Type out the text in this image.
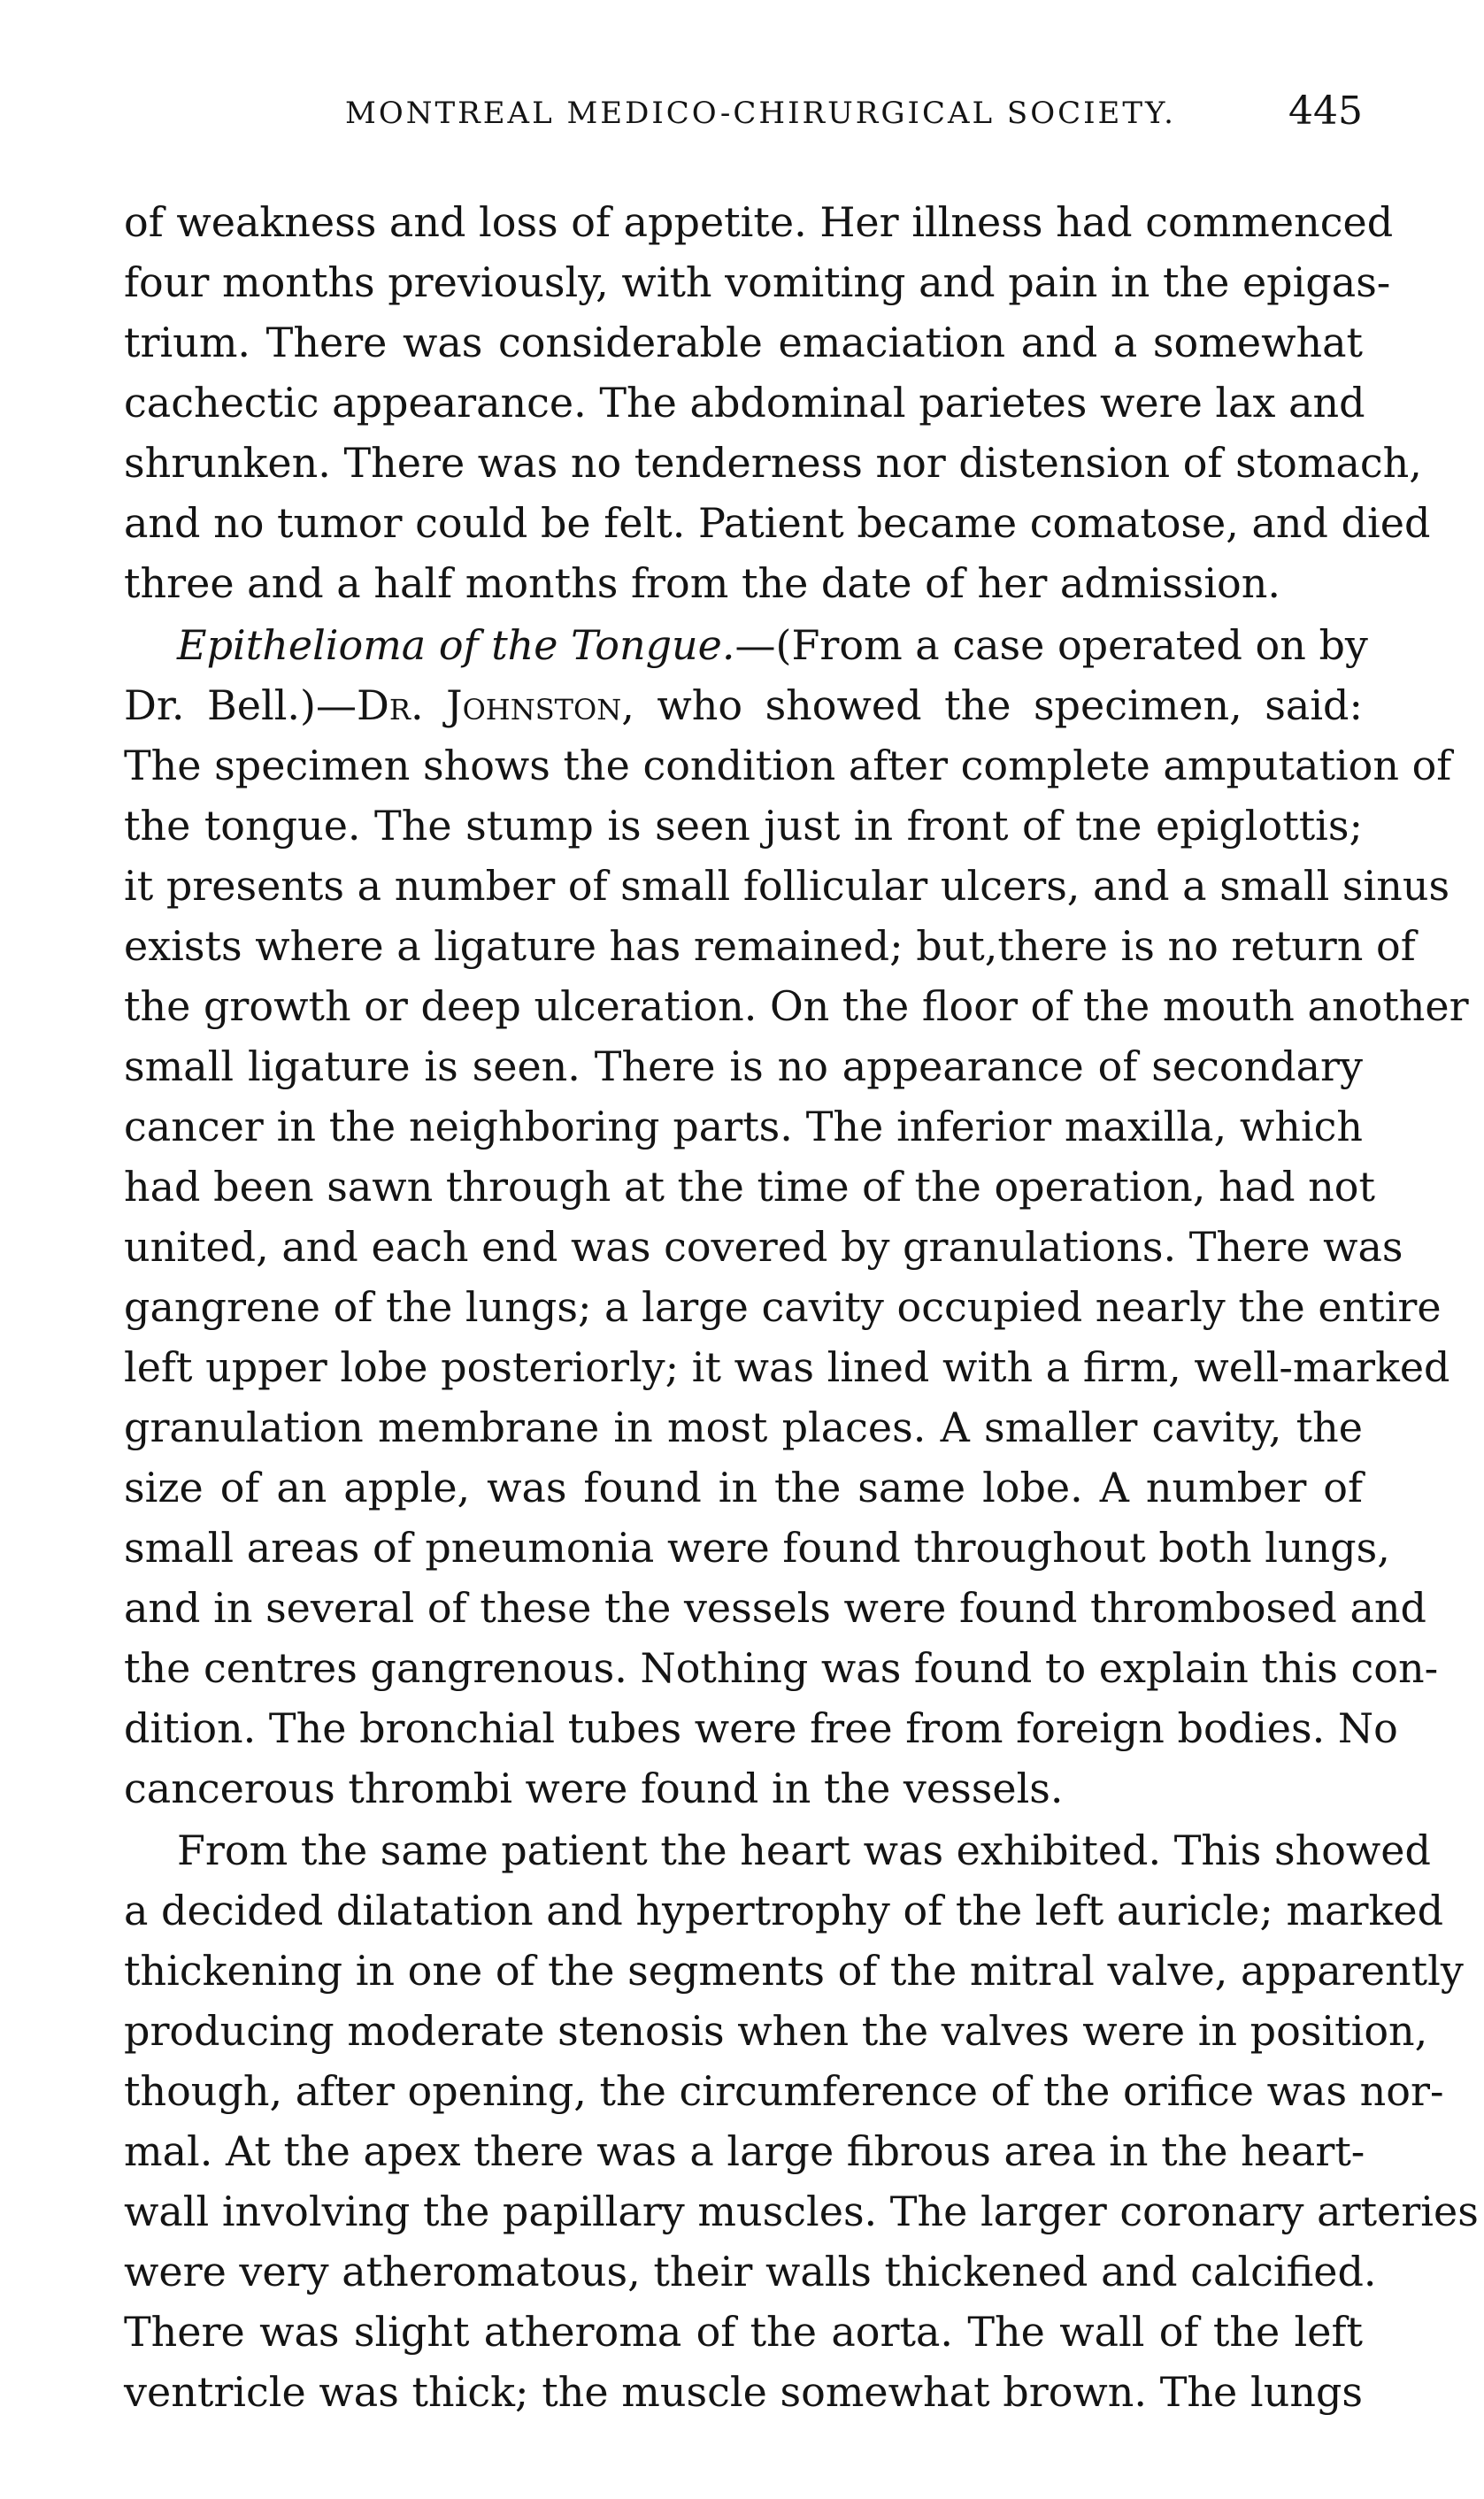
MONTREAL MEDICO-CHIRURGICAL SOCIETY.	445
of weakness and loss of appetite. Her illness had commenced
four months previously, with vomiting and pain in the epigas-
trium. There was considerable emaciation and a somewhat
cachectic appearance. The abdominal parietes were lax and
shrunken. There was no tenderness nor distension of stomach,
and no tumor could be felt. Patient became comatose, and died
three and a half months from the date of her admission.
Epithelioma of the Tongue.—(From a case operated on by
Dr. Bell.)—Dr. Johnston, who showed the specimen, said:
The specimen shows the condition after complete amputation of
the tongue. The stump is seen just in front of tne epiglottis;
it presents a number of small follicular ulcers, and a small sinus
exists where a ligature has remained; but,there is no return of
the growth or deep ulceration. On the floor of the mouth another
small ligature is seen. There is no appearance of secondary
cancer in the neighboring parts. The inferior maxilla, which
had been sawn through at the time of the operation, had not
united, and each end was covered by granulations. There was
gangrene of the lungs; a large cavity occupied nearly the entire
left upper lobe posteriorly; it was lined with a firm, well-marked
granulation membrane in most places. A smaller cavity, the
size of an apple, was found in the same lobe. A number of
small areas of pneumonia were found throughout both lungs,
and in several of these the vessels were found thrombosed and
the centres gangrenous. Nothing was found to explain this con-
dition. The bronchial tubes were free from foreign bodies. No
cancerous thrombi were found in the vessels.
From the same patient the heart was exhibited. This showed
a decided dilatation and hypertrophy of the left auricle; marked
thickening in one of the segments of the mitral valve, apparently
producing moderate stenosis when the valves were in position,
though, after opening, the circumference of the orifice was nor-
mal. At the apex there was a large fibrous area in the heart-
wall involving the papillary muscles. The larger coronary arteries
were very atheromatous, their walls thickened and calcified.
There was slight atheroma of the aorta. The wall of the left
ventricle was thick; the muscle somewhat brown. The lungs
